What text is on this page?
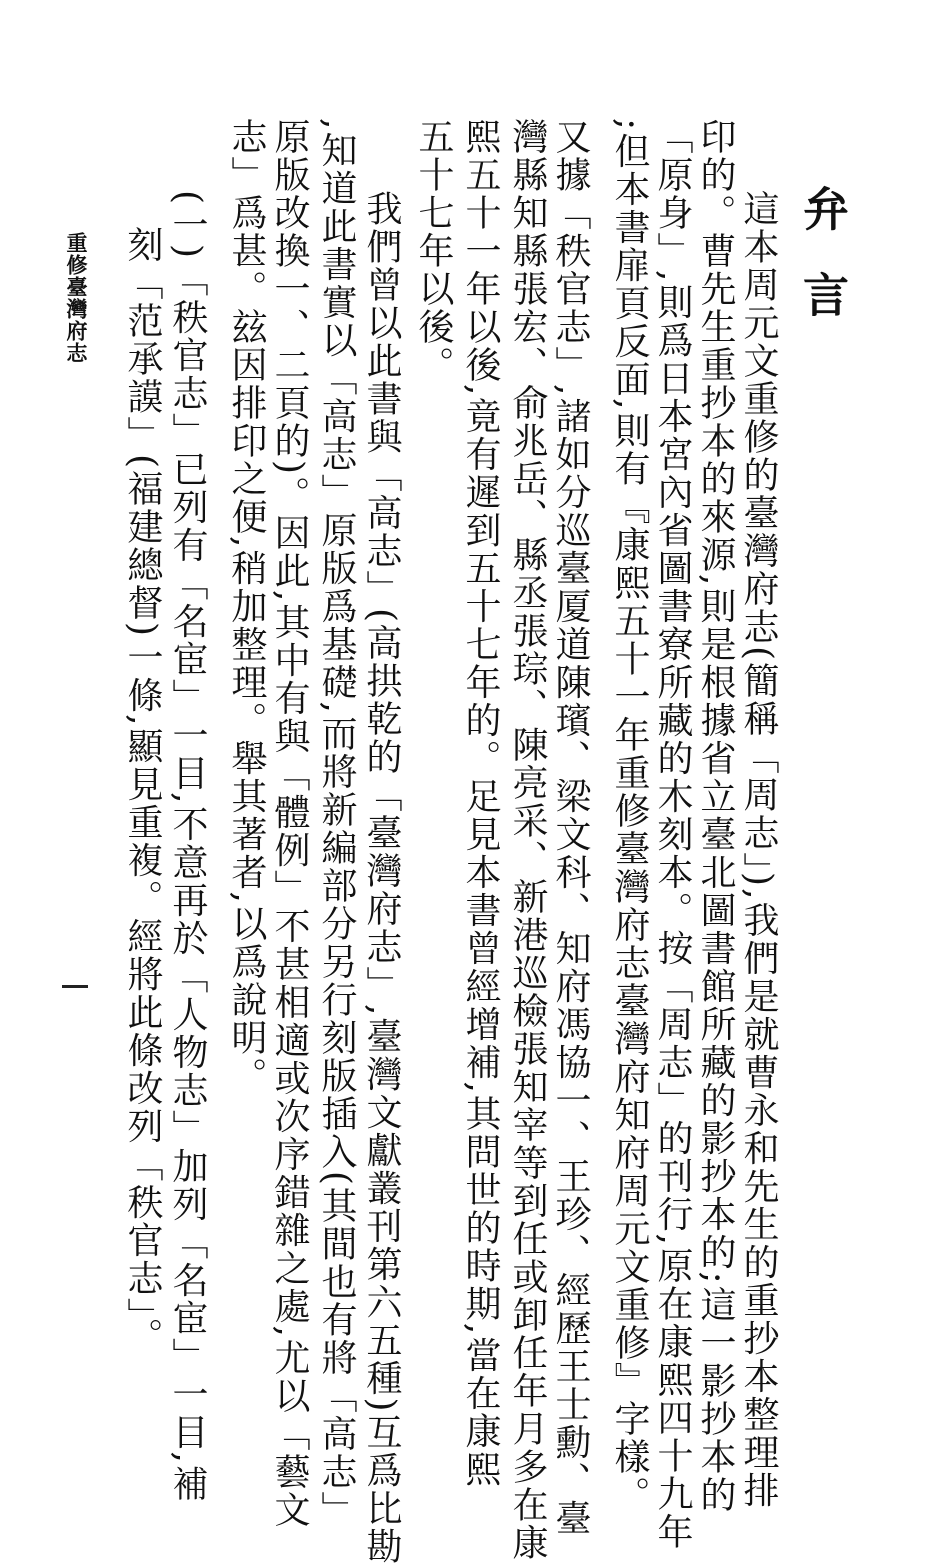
弁言
這本周元文重修的臺灣府志(簡稱「周志」),我們是就曹永和先生的重抄本整理排
印的。曹先生重抄本的來源,則是根據省立臺北圖書館所藏的影抄本的;這一影抄本的
「原身」,則爲日本宮內省圖書寮所藏的木刻本。按「周志」的刊行,原在康熙四十九年
;但本書扉頁反面,則有『康熙五十一年重修臺灣府志臺灣府知府周元文重修』字樣。
又據「秩官志」,諸如分巡臺厦道陳璸、梁文科、知府馮協一、王珍、經歷王士勳、臺
灣縣知縣張宏、俞兆岳、縣丞張琮、陳亮采、新港巡檢張知宰等到任或卸任年月多在康
熙五十一年以後,竟有遲到五十七年的。足見本書曾經增補,其問世的時期,當在康熙
五十七年以後。
我們曾以此書與「高志」(高拱乾的「臺灣府志」,臺灣文獻叢刊第六五種)互爲比勘
,知道此書實以「高志」原版爲基礎,而將新編部分另行刻版插入(其間也有將「高志」
原版改換一、二頁的)。因此,其中有與「體例」不甚相適或次序錯雜之處,尤以「藝文
志」爲甚。玆因排印之便,稍加整理。舉其著者,以爲說明。
(一)「秩官志」已列有「名宦」一目,不意再於「人物志」加列「名宦」一目,補
刻「范承謨」(福建總督)一條,顯見重複。經將此條改列「秩官志」。
重修臺灣府志
